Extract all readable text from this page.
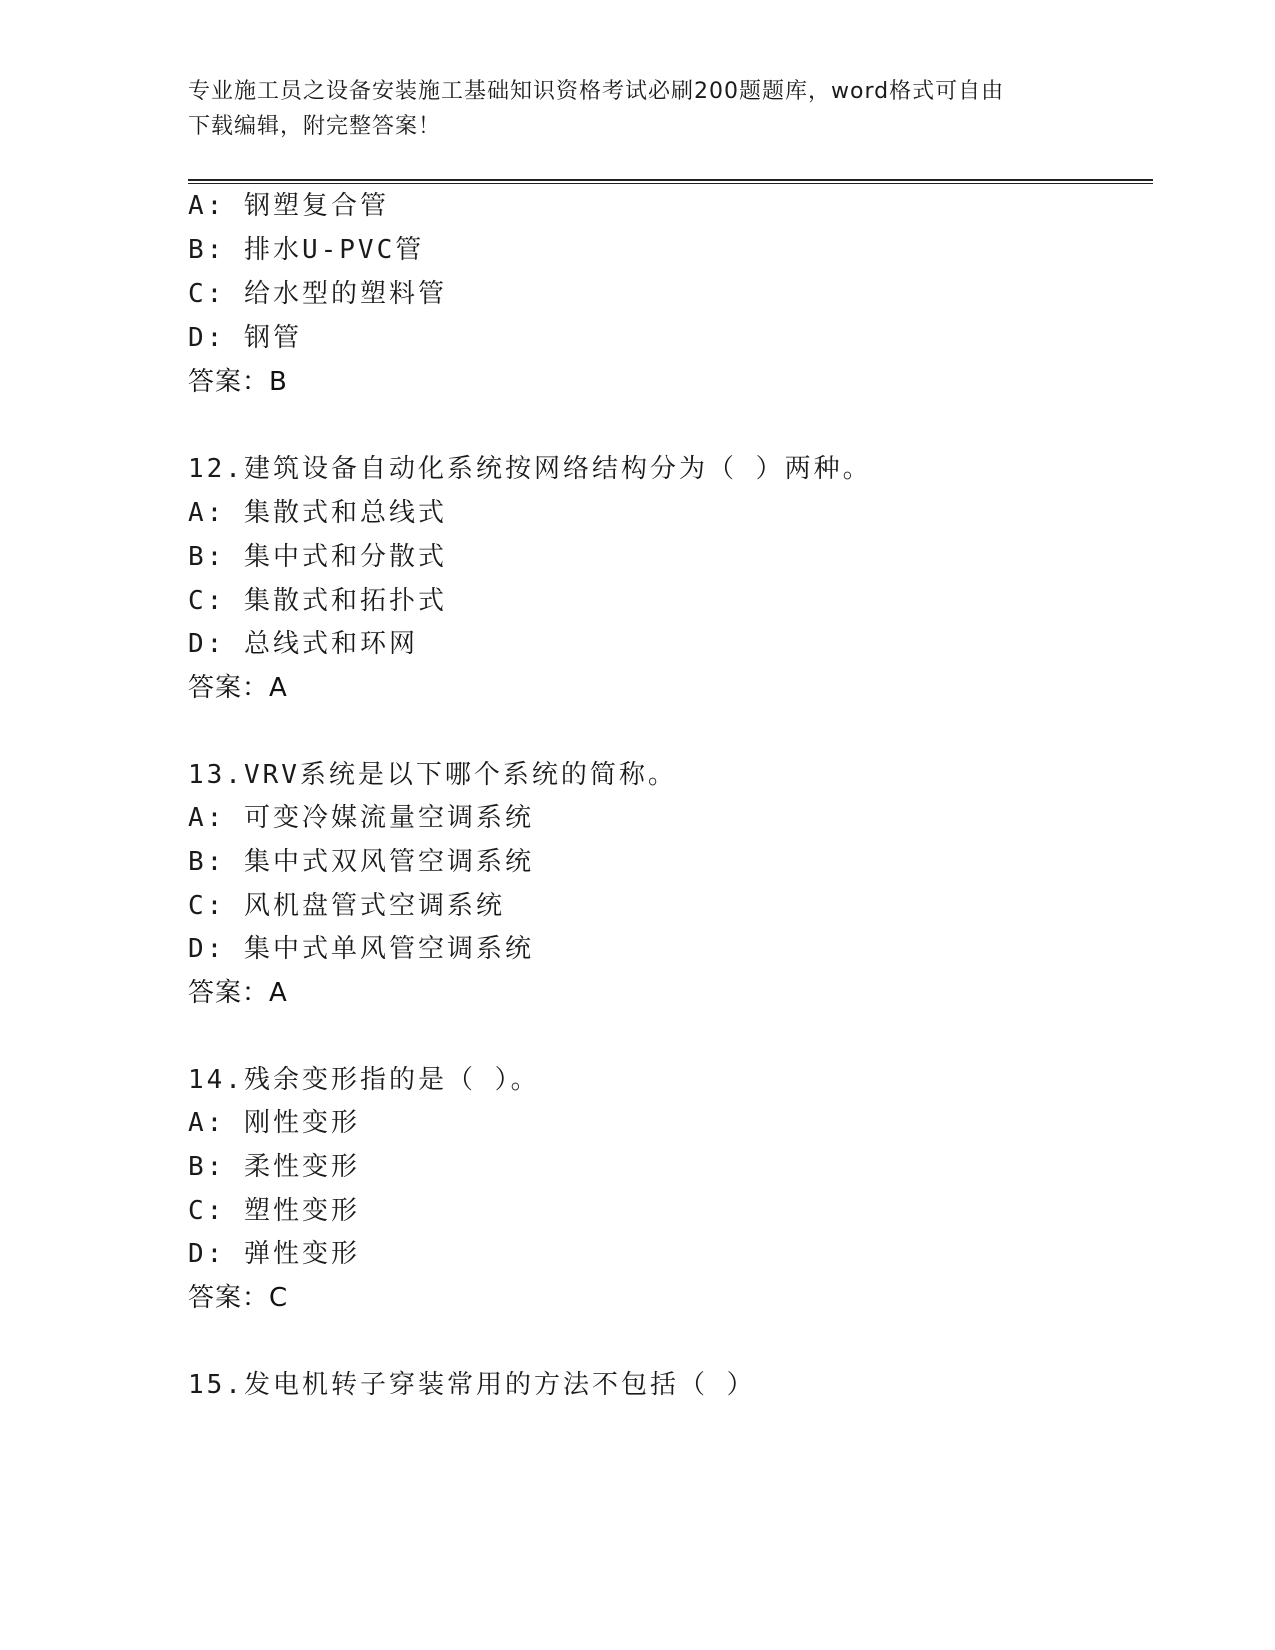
专业施工员之设备安装施工基础知识资格考试必刷200题题库，word格式可自由
下载编辑，附完整答案！
A: 钢塑复合管
B: 排水U-PVC管
C: 给水型的塑料管
D: 钢管
答案：B
12.建筑设备自动化系统按网络结构分为（ ）两种。
A: 集散式和总线式
B: 集中式和分散式
C: 集散式和拓扑式
D: 总线式和环网
答案：A
13.VRV系统是以下哪个系统的简称。
A: 可变冷媒流量空调系统
B: 集中式双风管空调系统
C: 风机盘管式空调系统
D: 集中式单风管空调系统
答案：A
14.残余变形指的是（ ）。
A: 刚性变形
B: 柔性变形
C: 塑性变形
D: 弹性变形
答案：C
15.发电机转子穿装常用的方法不包括（ ）
